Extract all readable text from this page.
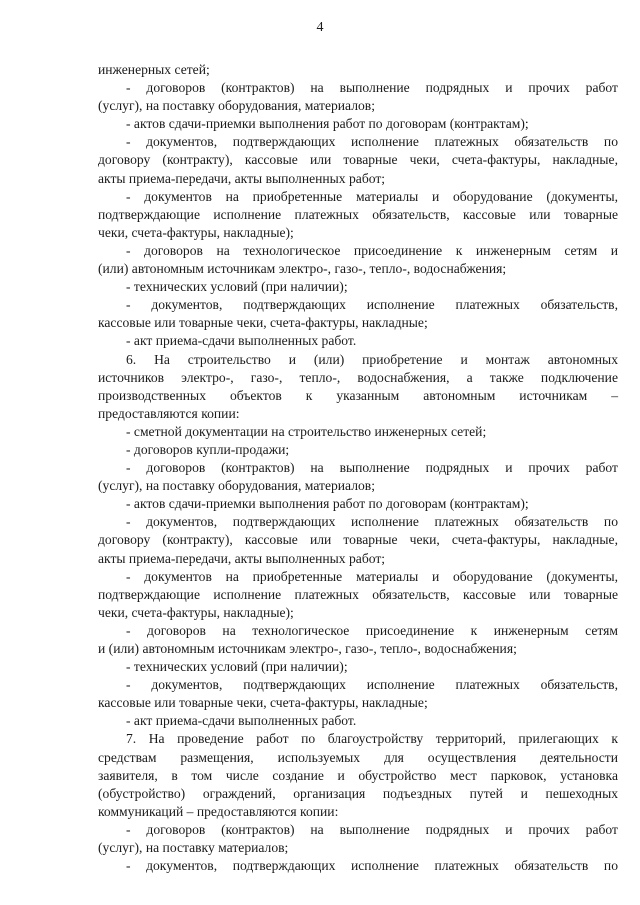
4
инженерных сетей;
- договоров (контрактов) на выполнение подрядных и прочих работ
(услуг), на поставку оборудования, материалов;
- актов сдачи-приемки выполнения работ по договорам (контрактам);
- документов, подтверждающих исполнение платежных обязательств по
договору (контракту), кассовые или товарные чеки, счета-фактуры, накладные,
акты приема-передачи, акты выполненных работ;
- документов на приобретенные материалы и оборудование (документы,
подтверждающие исполнение платежных обязательств, кассовые или товарные
чеки, счета-фактуры, накладные);
- договоров на технологическое присоединение к инженерным сетям и
(или) автономным источникам электро-, газо-, тепло-, водоснабжения;
- технических условий (при наличии);
- документов, подтверждающих исполнение платежных обязательств,
кассовые или товарные чеки, счета-фактуры, накладные;
- акт приема-сдачи выполненных работ.
6. На строительство и (или) приобретение и монтаж автономных
источников электро-, газо-, тепло-, водоснабжения, а также подключение
производственных объектов к указанным автономным источникам –
предоставляются копии:
- сметной документации на строительство инженерных сетей;
- договоров купли-продажи;
- договоров (контрактов) на выполнение подрядных и прочих работ
(услуг), на поставку оборудования, материалов;
- актов сдачи-приемки выполнения работ по договорам (контрактам);
- документов, подтверждающих исполнение платежных обязательств по
договору (контракту), кассовые или товарные чеки, счета-фактуры, накладные,
акты приема-передачи, акты выполненных работ;
- документов на приобретенные материалы и оборудование (документы,
подтверждающие исполнение платежных обязательств, кассовые или товарные
чеки, счета-фактуры, накладные);
- договоров на технологическое присоединение к инженерным сетям
и (или) автономным источникам электро-, газо-, тепло-, водоснабжения;
- технических условий (при наличии);
- документов, подтверждающих исполнение платежных обязательств,
кассовые или товарные чеки, счета-фактуры, накладные;
- акт приема-сдачи выполненных работ.
7. На проведение работ по благоустройству территорий, прилегающих к
средствам размещения, используемых для осуществления деятельности
заявителя, в том числе создание и обустройство мест парковок, установка
(обустройство) ограждений, организация подъездных путей и пешеходных
коммуникаций – предоставляются копии:
- договоров (контрактов) на выполнение подрядных и прочих работ
(услуг), на поставку материалов;
- документов, подтверждающих исполнение платежных обязательств по
